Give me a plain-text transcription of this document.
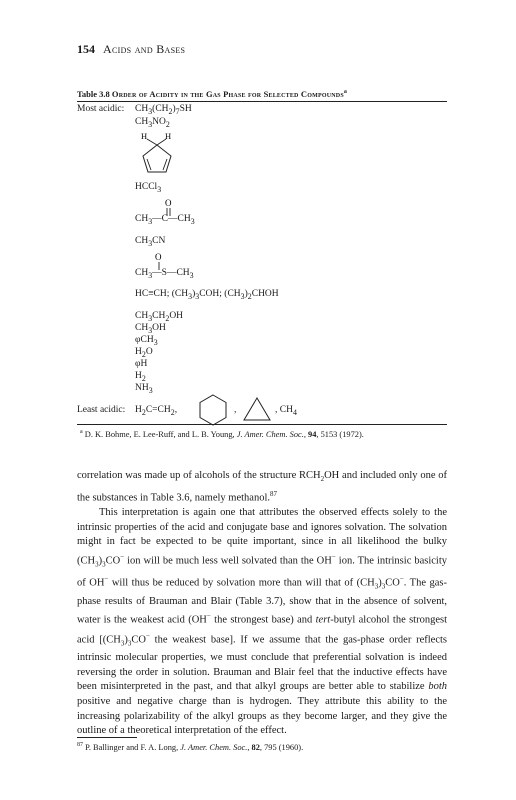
154 Acids and Bases
Table 3.8 Order of Acidity in the Gas Phase for Selected Compounds$^a$
Most acidic: $CH_3(CH_2)_7SH$
$CH_3NO_2$
H H
HCCl$_3$
O
$CH_3—C—CH_3$
$CH_3CN$
O
$CH_3—S—CH_3$
HC≡CH; $(CH_3)_3COH$; $(CH_3)_2CHOH$
$CH_3CH_2OH$
$CH_3OH$
φCH$_3$
$H_2O$
φH
$H_2$
$NH_3$
Least acidic: $H_2C=CH_2$,	,	, $CH_4$
$^a$ D. K. Bohme, E. Lee-Ruff, and L. B. Young, J. Amer. Chem. Soc., 94, 5153 (1972).

correlation was made up of alcohols of the structure $RCH_2OH$ and included only one of the substances in Table 3.6, namely methanol.$^{87}$

This interpretation is again one that attributes the observed effects solely to the intrinsic properties of the acid and conjugate base and ignores solvation. The solvation might in fact be expected to be quite important, since in all likelihood the bulky $(CH_3)_3CO^-$ ion will be much less well solvated than the OH− ion. The intrinsic basicity of OH− will thus be reduced by solvation more than will that of $(CH_3)_3CO^-$. The gas-phase results of Brauman and Blair (Table 3.7), show that in the absence of solvent, water is the weakest acid (OH− the strongest base) and tert-butyl alcohol the strongest acid [$(CH_3)_3CO^-$ the weakest base]. If we assume that the gas-phase order reflects intrinsic molecular properties, we must conclude that preferential solvation is indeed reversing the order in solution. Brauman and Blair feel that the inductive effects have been misinterpreted in the past, and that alkyl groups are better able to stabilize both positive and negative charge than is hydrogen. They attribute this ability to the increasing polarizability of the alkyl groups as they become larger, and they give the outline of a theoretical interpretation of the effect.

$^{87}$ P. Ballinger and F. A. Long, J. Amer. Chem. Soc., 82, 795 (1960).
